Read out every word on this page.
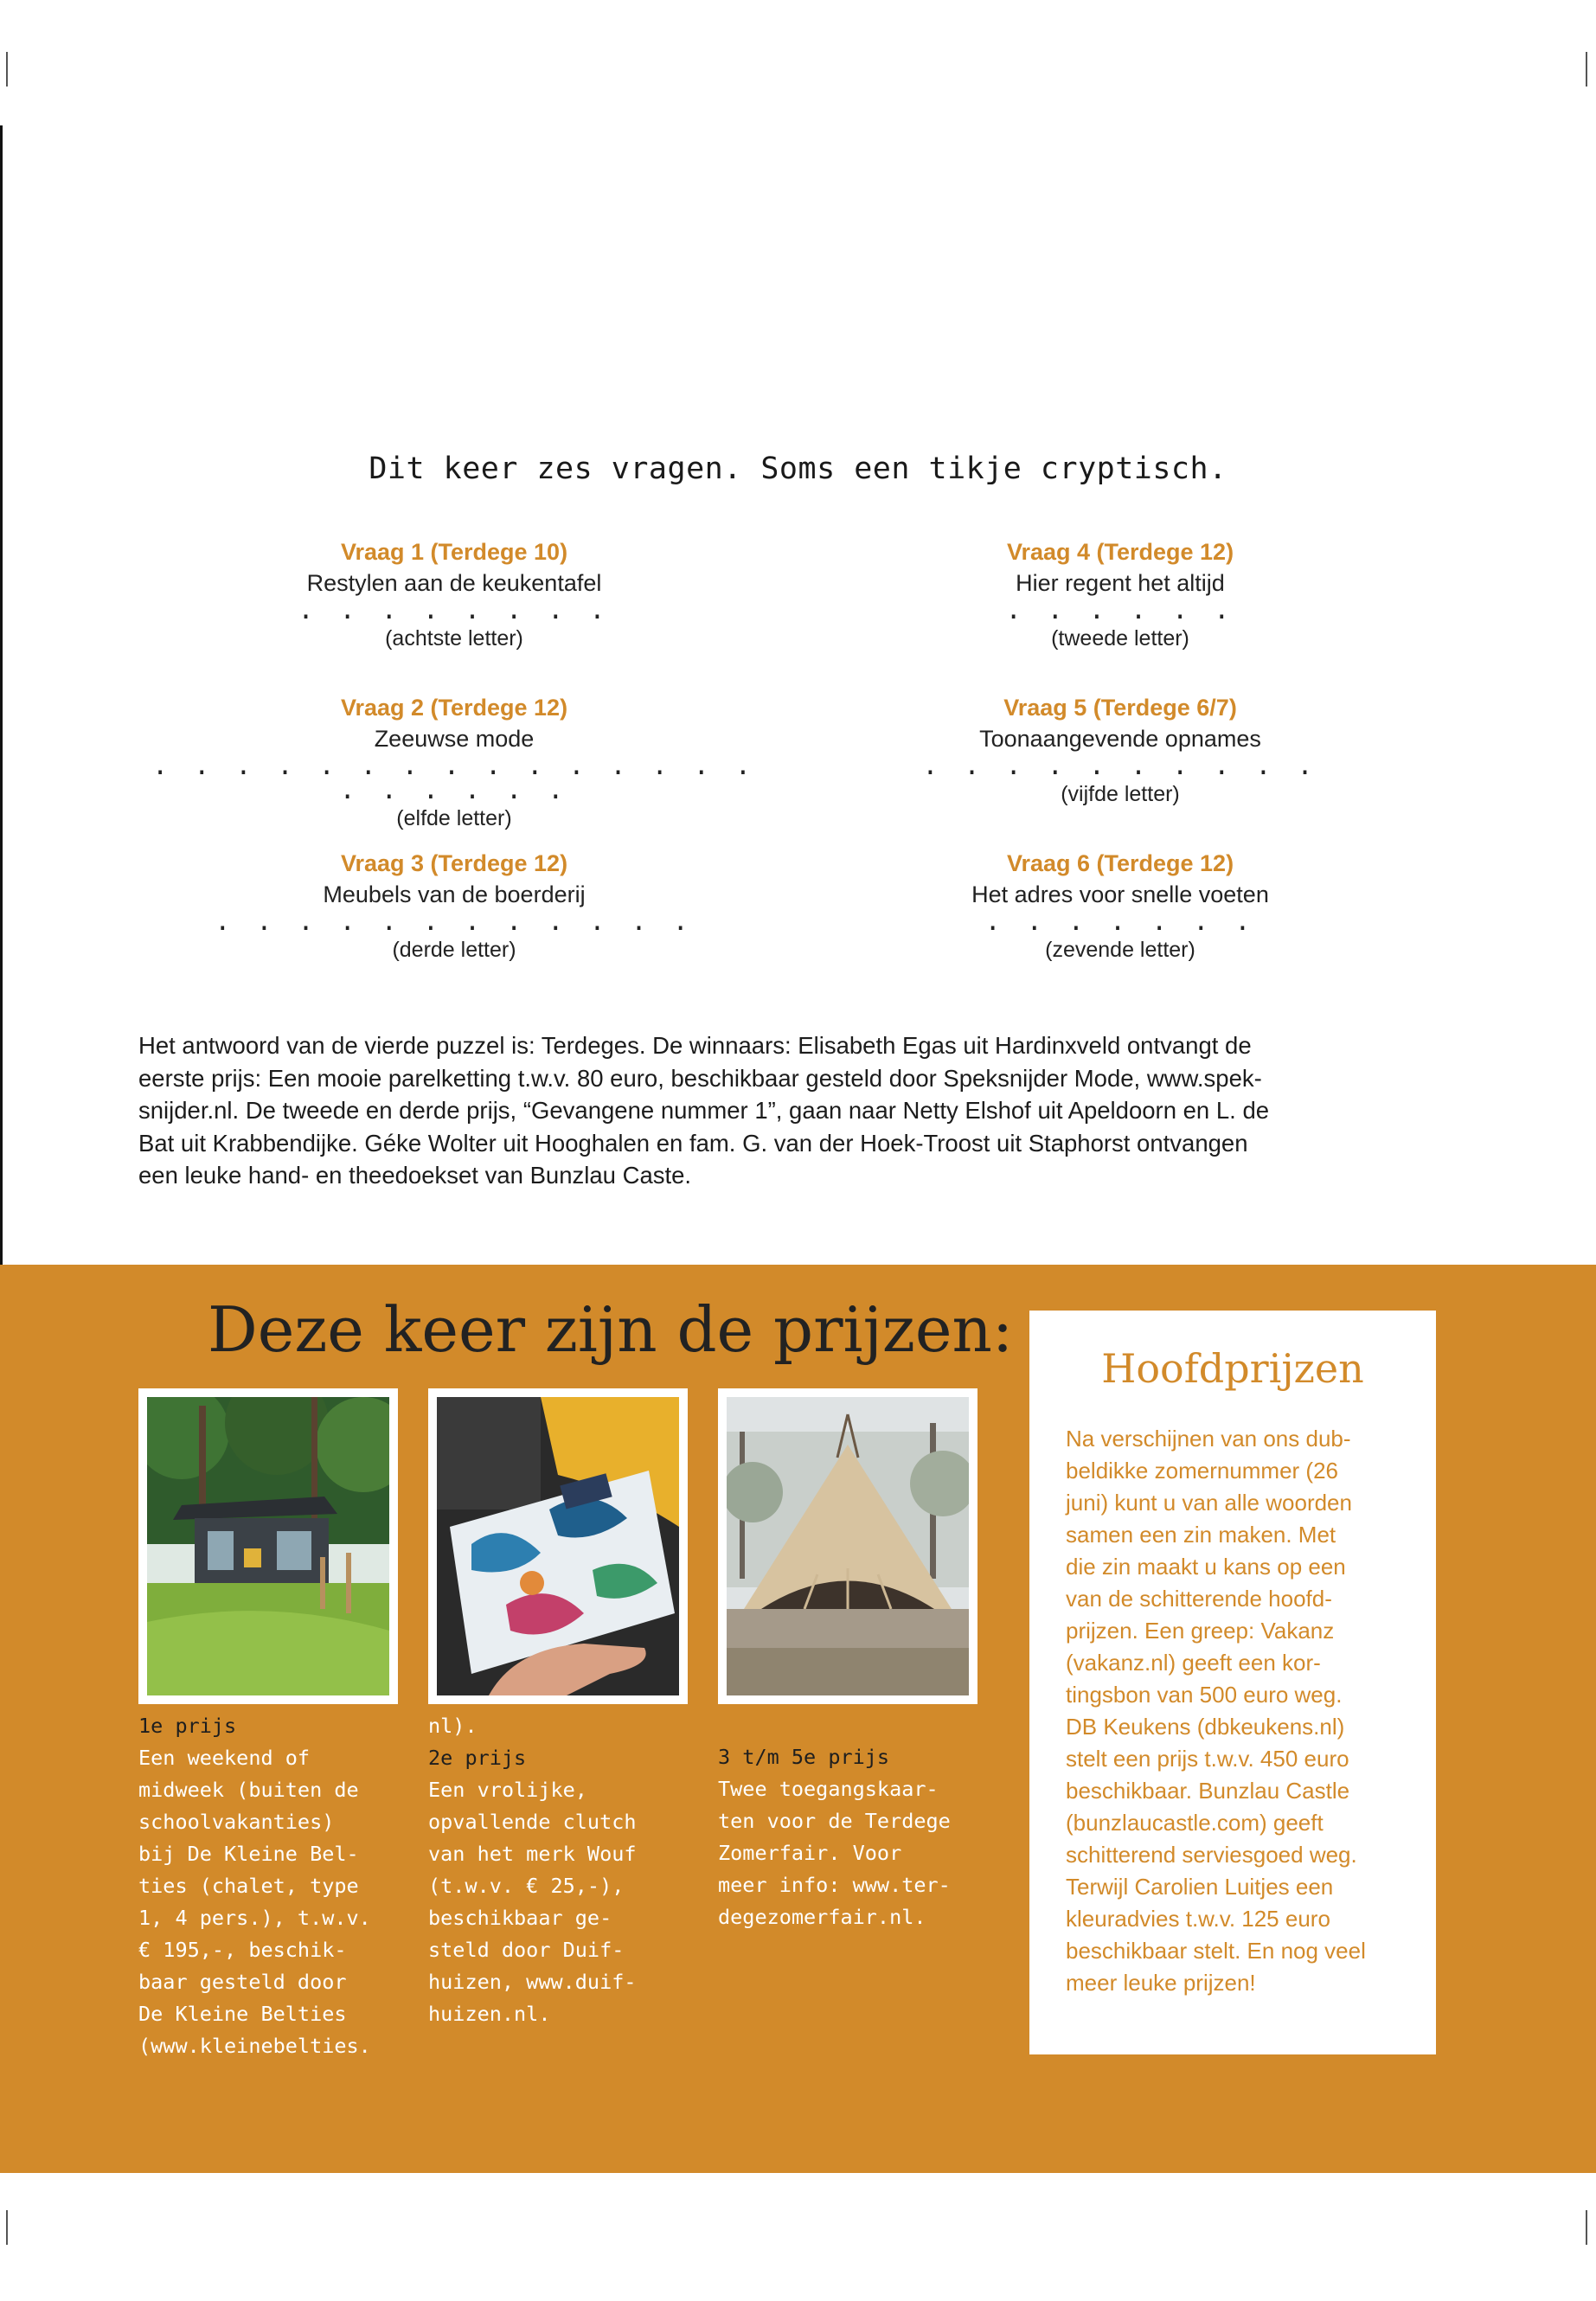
Dit keer zes vragen. Soms een tikje cryptisch.
Vraag 1 (Terdege 10)
Restylen aan de keukentafel
. . . . . . . .
(achtste letter)
Vraag 2 (Terdege 12)
Zeeuwse mode
. . . . . . . . . . . . . . . . . . . . .
(elfde letter)
Vraag 3 (Terdege 12)
Meubels van de boerderij
. . . . . . . . . . . .
(derde letter)
Vraag 4 (Terdege 12)
Hier regent het altijd
. . . . . .
(tweede letter)
Vraag 5 (Terdege 6/7)
Toonaangevende opnames
. . . . . . . . . .
(vijfde letter)
Vraag 6 (Terdege 12)
Het adres voor snelle voeten
. . . . . . .
(zevende letter)
Het antwoord van de vierde puzzel is: Terdeges. De winnaars: Elisabeth Egas uit Hardinxveld ontvangt de
eerste prijs: Een mooie parelketting t.w.v. 80 euro, beschikbaar gesteld door Speksnijder Mode, www.spek-
snijder.nl. De tweede en derde prijs, “Gevangene nummer 1”, gaan naar Netty Elshof uit Apeldoorn en L. de
Bat uit Krabbendijke. Géke Wolter uit Hooghalen en fam. G. van der Hoek-Troost uit Staphorst ontvangen
een leuke hand- en theedoekset van Bunzlau Caste.
Deze keer zijn de prijzen:
1e prijs
Een weekend of
midweek (buiten de
schoolvakanties)
bij De Kleine Bel-
ties (chalet, type
1, 4 pers.), t.w.v.
€ 195,-, beschik-
baar gesteld door
De Kleine Belties
(www.kleinebelties.
nl).
2e prijs
Een vrolijke,
opvallende clutch
van het merk Wouf
(t.w.v. € 25,-),
beschikbaar ge-
steld door Duif-
huizen, www.duif-
huizen.nl.
3 t/m 5e prijs
Twee toegangskaar-
ten voor de Terdege
Zomerfair. Voor
meer info: www.ter-
degezomerfair.nl.
Hoofdprijzen
Na verschijnen van ons dub-
beldikke zomernummer (26
juni) kunt u van alle woorden
samen een zin maken. Met
die zin maakt u kans op een
van de schitterende hoofd-
prijzen. Een greep: Vakanz
(vakanz.nl) geeft een kor-
tingsbon van 500 euro weg.
DB Keukens (dbkeukens.nl)
stelt een prijs t.w.v. 450 euro
beschikbaar. Bunzlau Castle
(bunzlaucastle.com) geeft
schitterend serviesgoed weg.
Terwijl Carolien Luitjes een
kleuradvies t.w.v. 125 euro
beschikbaar stelt. En nog veel
meer leuke prijzen!
